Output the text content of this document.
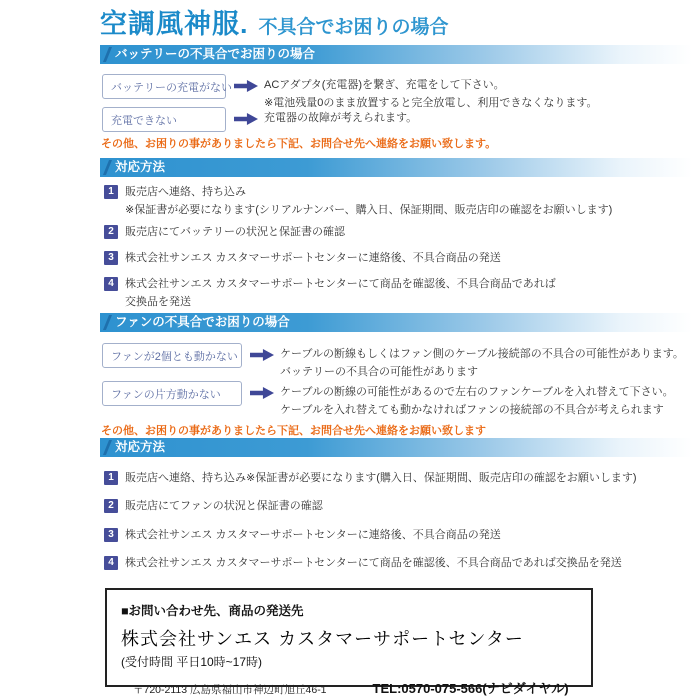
空調風神服. 不具合でお困りの場合
バッテリーの不具合でお困りの場合
バッテリーの充電がない	ACアダプタ(充電器)を繋ぎ、充電をして下さい。
※電池残量0のまま放置すると完全放電し、利用できなくなります。
充電できない	充電器の故障が考えられます。
その他、お困りの事がありましたら下記、お問合せ先へ連絡をお願い致します。
対応方法
1	販売店へ連絡、持ち込み
※保証書が必要になります(シリアルナンバー、購入日、保証期間、販売店印の確認をお願いします)
2	販売店にてバッテリーの状況と保証書の確認
3	株式会社サンエス カスタマーサポートセンターに連絡後、不具合商品の発送
4	株式会社サンエス カスタマーサポートセンターにて商品を確認後、不具合商品であれば
交換品を発送
ファンの不具合でお困りの場合
ファンが2個とも動かない	ケーブルの断線もしくはファン側のケーブル接続部の不具合の可能性があります。
バッテリーの不具合の可能性があります
ファンの片方動かない	ケーブルの断線の可能性があるので左右のファンケーブルを入れ替えて下さい。
ケーブルを入れ替えても動かなければファンの接続部の不具合が考えられます
その他、お困りの事がありましたら下記、お問合せ先へ連絡をお願い致します
対応方法
1	販売店へ連絡、持ち込み※保証書が必要になります(購入日、保証期間、販売店印の確認をお願いします)
2	販売店にてファンの状況と保証書の確認
3	株式会社サンエス カスタマーサポートセンターに連絡後、不具合商品の発送
4	株式会社サンエス カスタマーサポートセンターにて商品を確認後、不具合商品であれば交換品を発送
■お問い合わせ先、商品の発送先
株式会社サンエス カスタマーサポートセンター
(受付時間 平日10時~17時)
〒720-2113 広島県福山市神辺町旭丘46-1	TEL:0570-075-566(ナビダイヤル)
